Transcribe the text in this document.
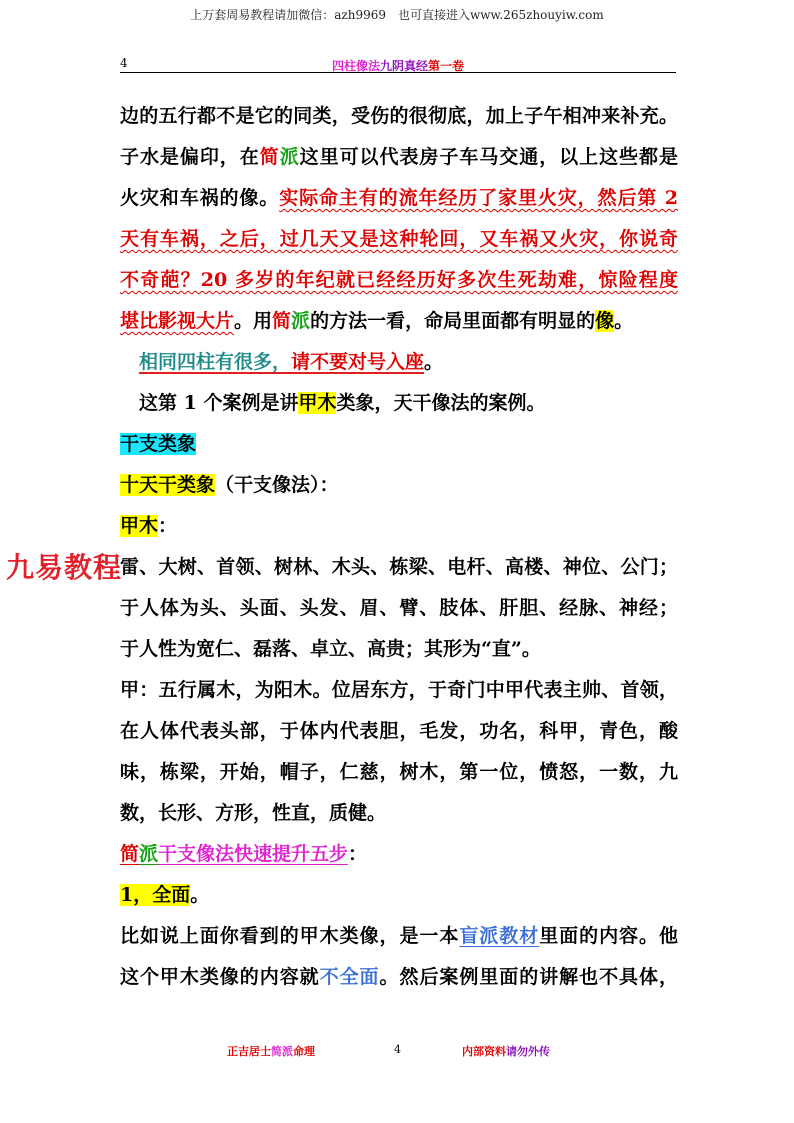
上万套周易教程请加微信：azh9969　也可直接进入www.265zhouyiw.com
4	四柱像法九阴真经第一卷
边的五行都不是它的同类，受伤的很彻底，加上子午相冲来补充。
子水是偏印，在简派这里可以代表房子车马交通，以上这些都是
火灾和车祸的像。实际命主有的流年经历了家里火灾，然后第 2
天有车祸，之后，过几天又是这种轮回，又车祸又火灾，你说奇
不奇葩？20 多岁的年纪就已经经历好多次生死劫难，惊险程度
堪比影视大片。用简派的方法一看，命局里面都有明显的像。
相同四柱有很多，请不要对号入座。
这第 1 个案例是讲甲木类象，天干像法的案例。
干支类象
十天干类象（干支像法）：
甲木：
雷、大树、首领、树林、木头、栋梁、电杆、高楼、神位、公门；
于人体为头、头面、头发、眉、臂、肢体、肝胆、经脉、神经；
于人性为宽仁、磊落、卓立、高贵；其形为“直”。
甲：五行属木，为阳木。位居东方，于奇门中甲代表主帅、首领，
在人体代表头部，于体内代表胆，毛发，功名，科甲，青色，酸
味，栋梁，开始，帽子，仁慈，树木，第一位，愤怒，一数，九
数，长形、方形，性直，质健。
简派干支像法快速提升五步：
1，全面。
比如说上面你看到的甲木类像，是一本盲派教材里面的内容。他
这个甲木类像的内容就不全面。然后案例里面的讲解也不具体，
九易教程
正吉居士简派命理	4	内部资料请勿外传
